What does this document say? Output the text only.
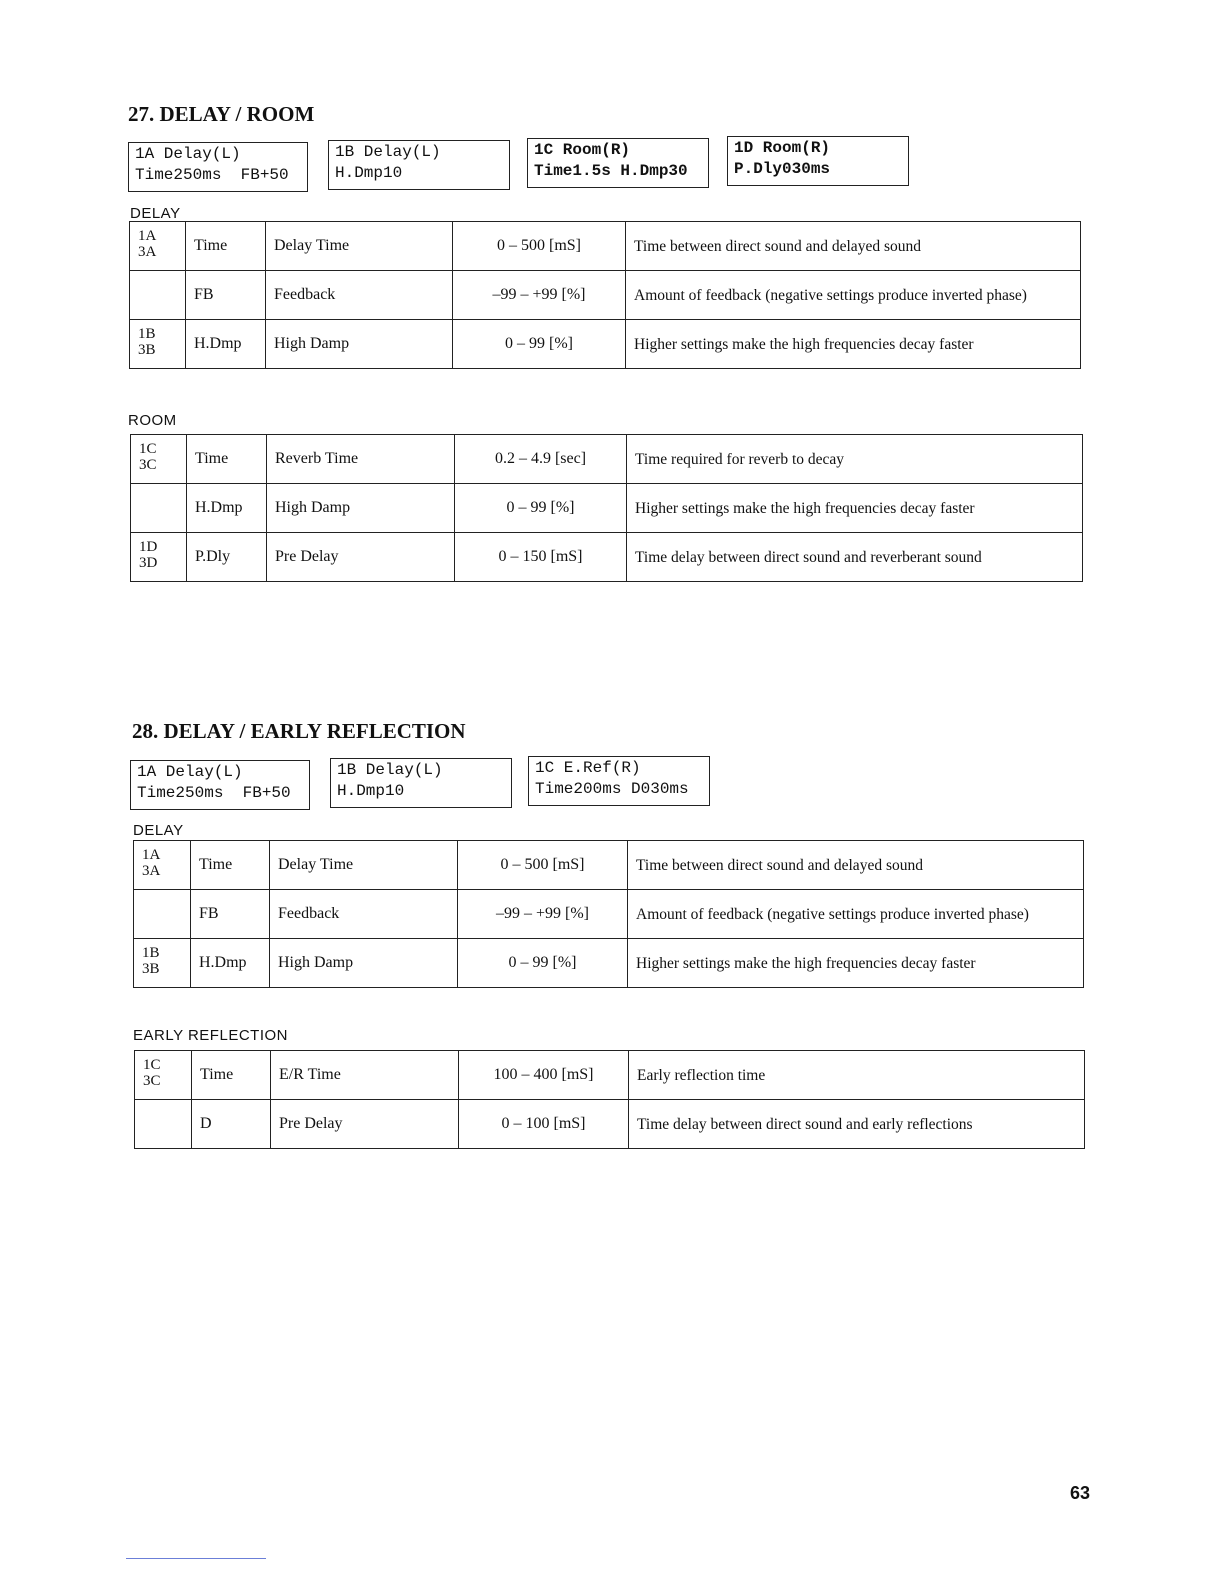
27. DELAY / ROOM
1A Delay(L)
Time250ms  FB+50
1B Delay(L)
H.Dmp10
1C Room(R)
Time1.5s H.Dmp30
1D Room(R)
P.Dly030ms
DELAY
1A
3A	Time	Delay Time	0 – 500 [mS]	Time between direct sound and delayed sound

	FB	Feedback	–99 – +99 [%]	Amount of feedback (negative settings produce inverted phase)

1B
3B	H.Dmp	High Damp	0 – 99 [%]	Higher settings make the high frequencies decay faster
ROOM
1C
3C	Time	Reverb Time	0.2 – 4.9 [sec]	Time required for reverb to decay

	H.Dmp	High Damp	0 – 99 [%]	Higher settings make the high frequencies decay faster

1D
3D	P.Dly	Pre Delay	0 – 150 [mS]	Time delay between direct sound and reverberant sound
28. DELAY / EARLY REFLECTION
1A Delay(L)
Time250ms  FB+50
1B Delay(L)
H.Dmp10
1C E.Ref(R)
Time200ms D030ms
DELAY
1A
3A	Time	Delay Time	0 – 500 [mS]	Time between direct sound and delayed sound

	FB	Feedback	–99 – +99 [%]	Amount of feedback (negative settings produce inverted phase)

1B
3B	H.Dmp	High Damp	0 – 99 [%]	Higher settings make the high frequencies decay faster
EARLY REFLECTION
1C
3C	Time	E/R Time	100 – 400 [mS]	Early reflection time

	D	Pre Delay	0 – 100 [mS]	Time delay between direct sound and early reflections
63
